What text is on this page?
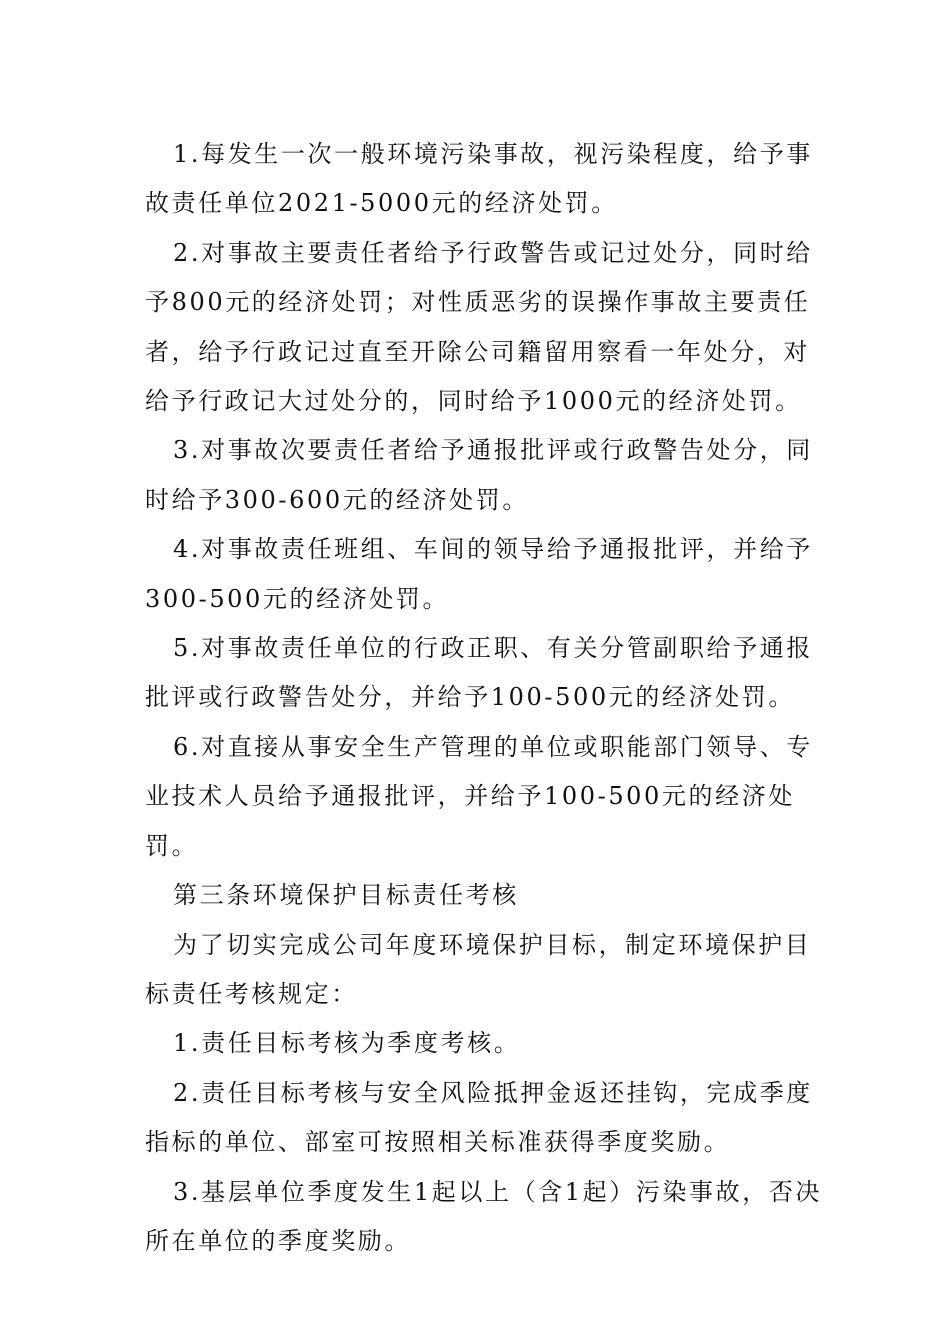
1.每发生一次一般环境污染事故，视污染程度，给予事故责任单位2021-5000元的经济处罚。

2.对事故主要责任者给予行政警告或记过处分，同时给予800元的经济处罚；对性质恶劣的误操作事故主要责任者，给予行政记过直至开除公司籍留用察看一年处分，对给予行政记大过处分的，同时给予1000元的经济处罚。

3.对事故次要责任者给予通报批评或行政警告处分，同时给予300-600元的经济处罚。

4.对事故责任班组、车间的领导给予通报批评，并给予300-500元的经济处罚。

5.对事故责任单位的行政正职、有关分管副职给予通报批评或行政警告处分，并给予100-500元的经济处罚。

6.对直接从事安全生产管理的单位或职能部门领导、专业技术人员给予通报批评，并给予100-500元的经济处罚。

第三条环境保护目标责任考核

为了切实完成公司年度环境保护目标，制定环境保护目标责任考核规定：

1.责任目标考核为季度考核。

2.责任目标考核与安全风险抵押金返还挂钩，完成季度指标的单位、部室可按照相关标准获得季度奖励。

3.基层单位季度发生1起以上（含1起）污染事故，否决所在单位的季度奖励。
